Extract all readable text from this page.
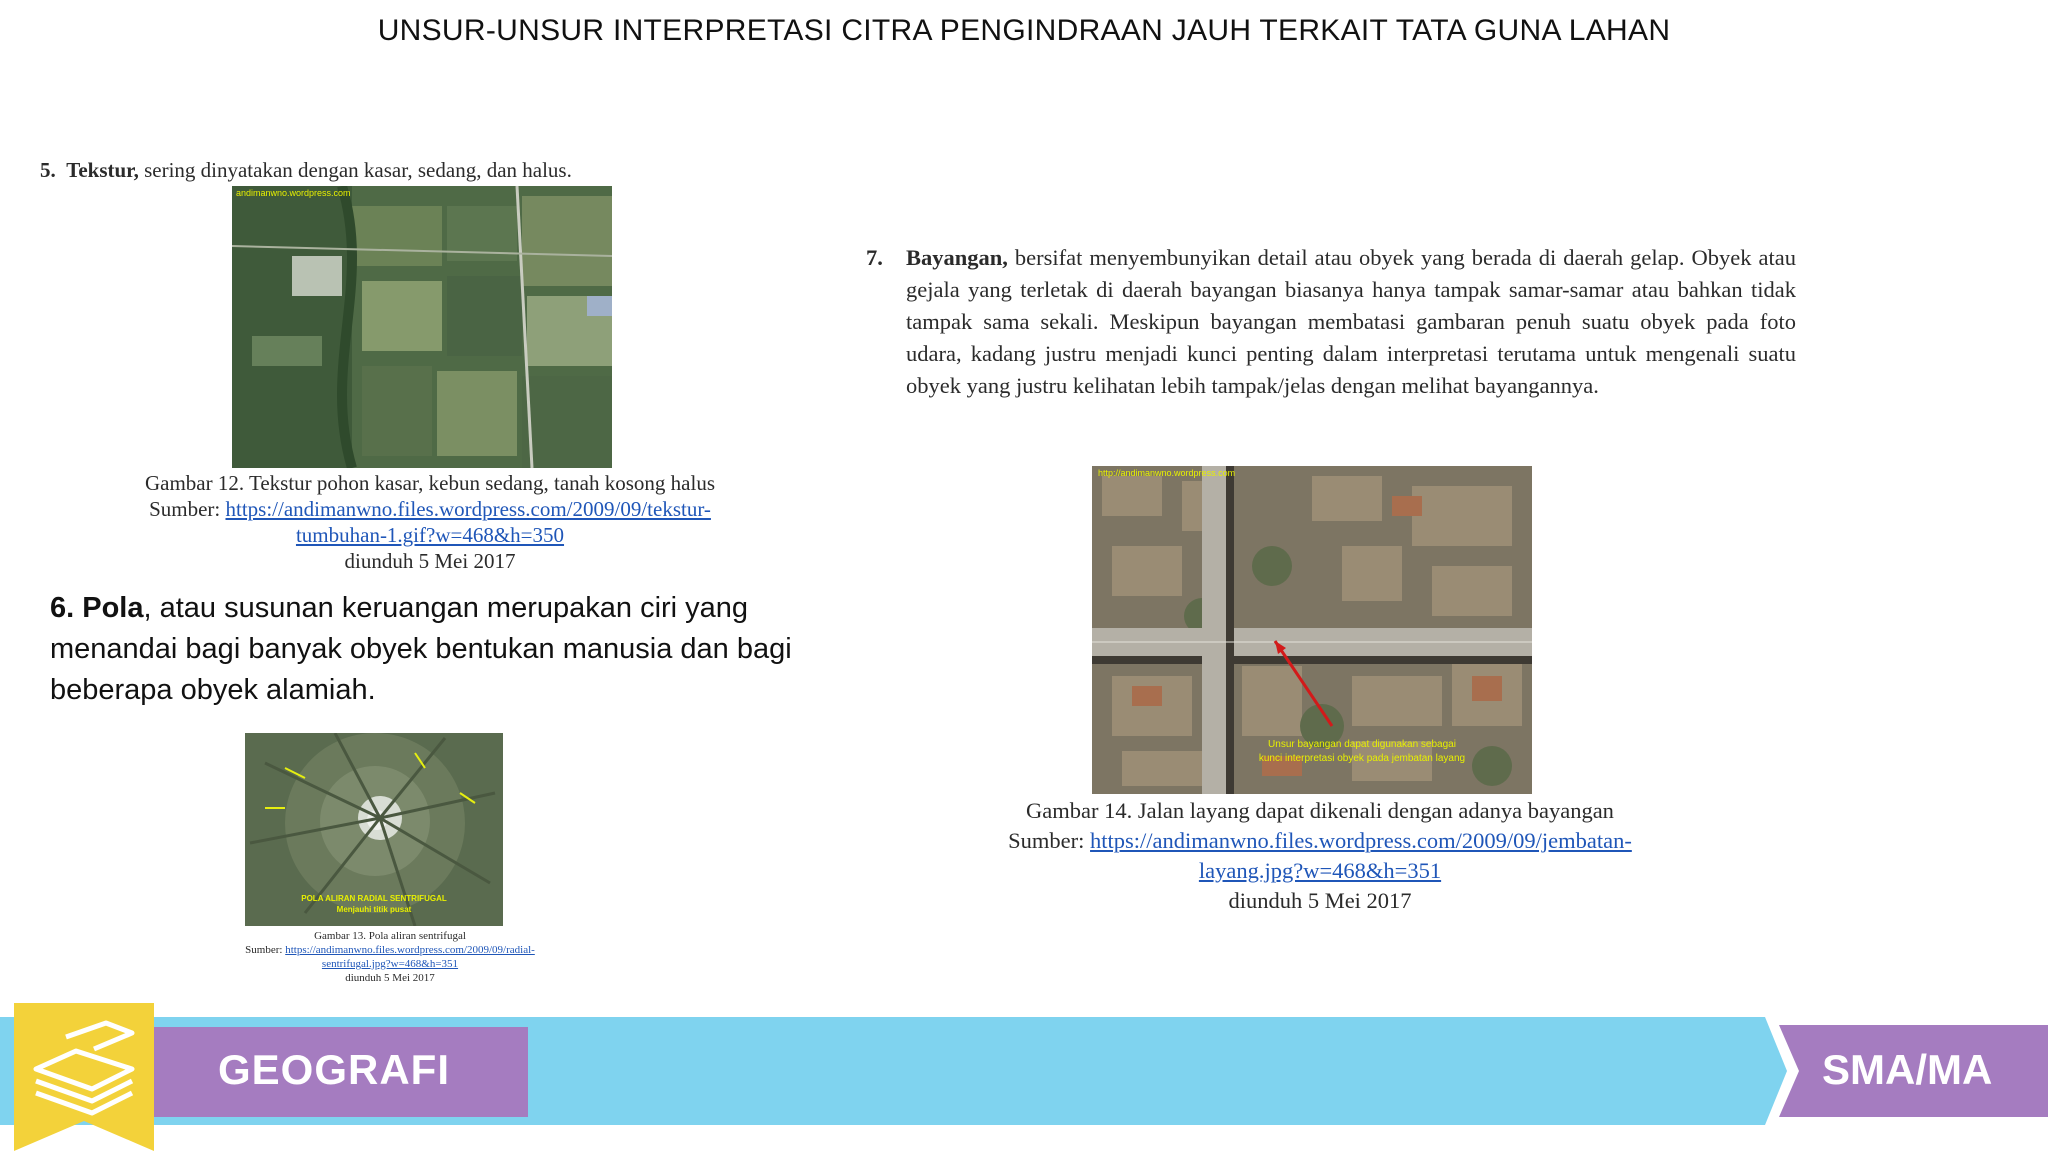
UNSUR-UNSUR INTERPRETASI CITRA PENGINDRAAN JAUH TERKAIT TATA GUNA LAHAN
5. Tekstur, sering dinyatakan dengan kasar, sedang, dan halus.
andimanwno.wordpress.com
Gambar 12. Tekstur pohon kasar, kebun sedang, tanah kosong halus
Sumber: https://andimanwno.files.wordpress.com/2009/09/tekstur-
tumbuhan-1.gif?w=468&h=350
diunduh 5 Mei 2017
6. Pola, atau susunan keruangan merupakan ciri yang menandai bagi banyak obyek bentukan manusia dan bagi beberapa obyek alamiah.
POLA ALIRAN RADIAL SENTRIFUGAL
Menjauhi titik pusat
Gambar 13. Pola aliran sentrifugal
Sumber: https://andimanwno.files.wordpress.com/2009/09/radial-
sentrifugal.jpg?w=468&h=351
diunduh 5 Mei 2017
7. Bayangan, bersifat menyembunyikan detail atau obyek yang berada di daerah gelap. Obyek atau gejala yang terletak di daerah bayangan biasanya hanya tampak samar-samar atau bahkan tidak tampak sama sekali. Meskipun bayangan membatasi gambaran penuh suatu obyek pada foto udara, kadang justru menjadi kunci penting dalam interpretasi terutama untuk mengenali suatu obyek yang justru kelihatan lebih tampak/jelas dengan melihat bayangannya.
http://andimanwno.wordpress.com
Unsur bayangan dapat digunakan sebagai
kunci interpretasi obyek pada jembatan layang
Gambar 14. Jalan layang dapat dikenali dengan adanya bayangan
Sumber: https://andimanwno.files.wordpress.com/2009/09/jembatan-
layang.jpg?w=468&h=351
diunduh 5 Mei 2017
GEOGRAFI	SMA/MA
